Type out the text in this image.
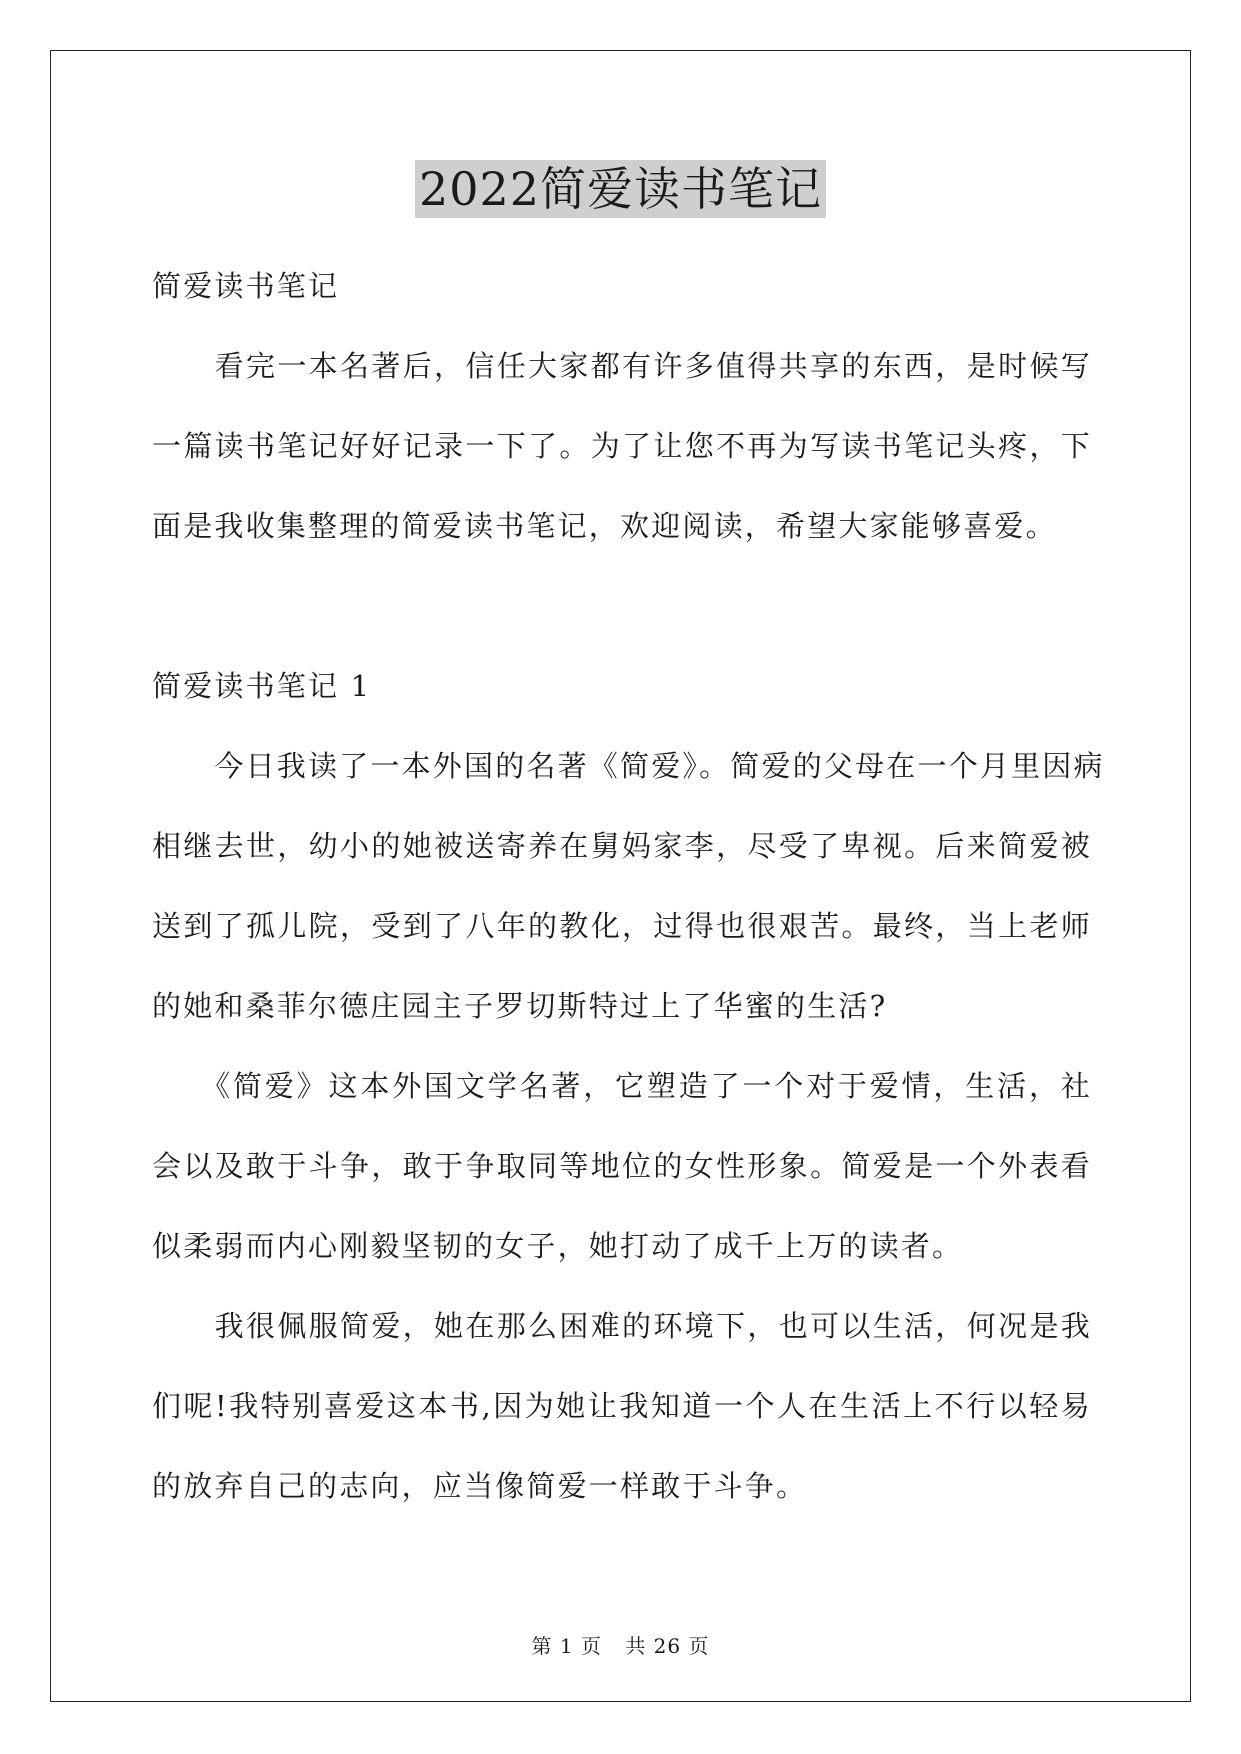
2022简爱读书笔记
简爱读书笔记
　　看完一本名著后，信任大家都有许多值得共享的东西，是时候写
一篇读书笔记好好记录一下了。为了让您不再为写读书笔记头疼，下
面是我收集整理的简爱读书笔记，欢迎阅读，希望大家能够喜爱。
简爱读书笔记 1
　　今日我读了一本外国的名著《简爱》。简爱的父母在一个月里因病
相继去世，幼小的她被送寄养在舅妈家李，尽受了卑视。后来简爱被
送到了孤儿院，受到了八年的教化，过得也很艰苦。最终，当上老师
的她和桑菲尔德庄园主子罗切斯特过上了华蜜的生活?
　　《简爱》这本外国文学名著，它塑造了一个对于爱情，生活，社
会以及敢于斗争，敢于争取同等地位的女性形象。简爱是一个外表看
似柔弱而内心刚毅坚韧的女子，她打动了成千上万的读者。
　　我很佩服简爱，她在那么困难的环境下，也可以生活，何况是我
们呢!我特别喜爱这本书,因为她让我知道一个人在生活上不行以轻易
的放弃自己的志向，应当像简爱一样敢于斗争。
第 1 页 共 26 页
